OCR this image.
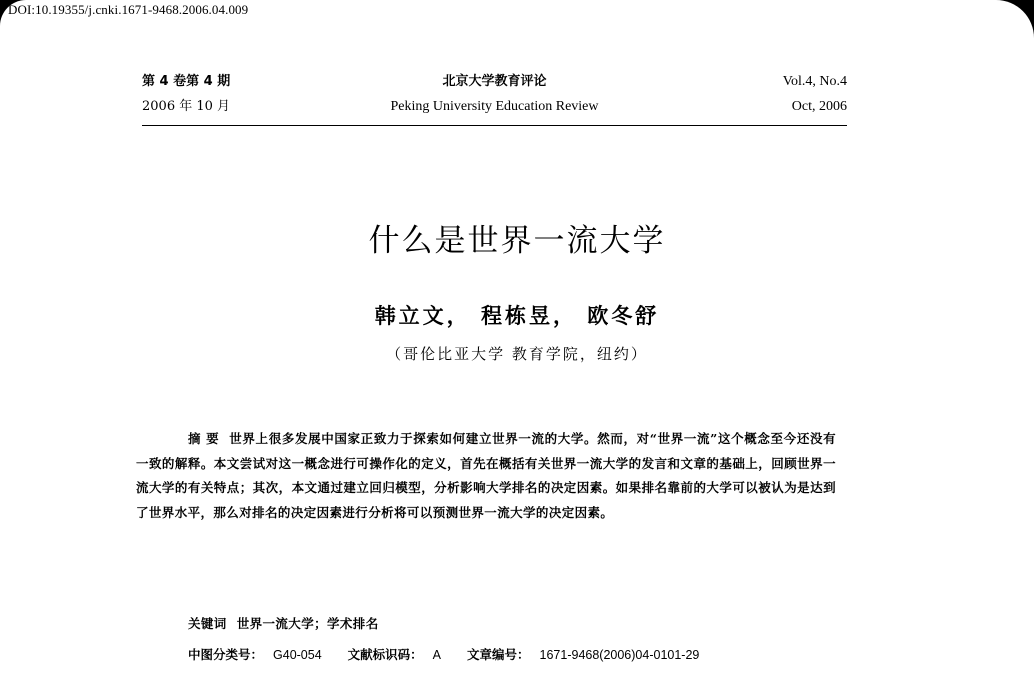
DOI:10.19355/j.cnki.1671-9468.2006.04.009
第 4 卷第 4 期
2006 年 10 月
北京大学教育评论
Peking University Education Review
Vol.4, No.4
Oct, 2006
什么是世界一流大学
韩立文， 程栋昱， 欧冬舒
（哥伦比亚大学 教育学院，纽约）
摘 要 世界上很多发展中国家正致力于探索如何建立世界一流的大学。然而，对“世界一流”这个概念至今还没有一致的解释。本文尝试对这一概念进行可操作化的定义，首先在概括有关世界一流大学的发言和文章的基础上，回顾世界一流大学的有关特点；其次，本文通过建立回归模型，分析影响大学排名的决定因素。如果排名靠前的大学可以被认为是达到了世界水平，那么对排名的决定因素进行分析将可以预测世界一流大学的决定因素。
关键词 世界一流大学；学术排名
中图分类号： G40-054 文献标识码： A 文章编号： 1671-9468(2006)04-0101-29
